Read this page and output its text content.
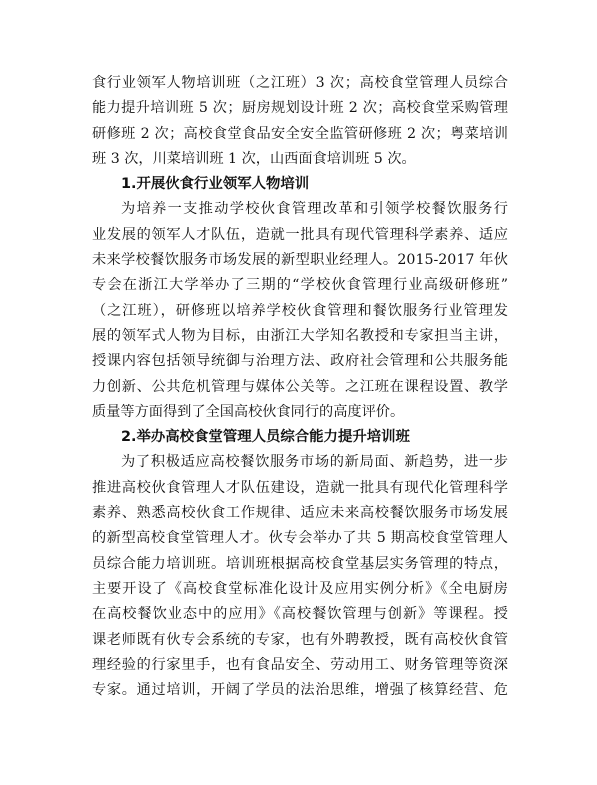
食行业领军人物培训班（之江班）3 次；高校食堂管理人员综合
能力提升培训班 5 次；厨房规划设计班 2 次；高校食堂采购管理
研修班 2 次；高校食堂食品安全安全监管研修班 2 次；粤菜培训
班 3 次，川菜培训班 1 次，山西面食培训班 5 次。
1.开展伙食行业领军人物培训
为培养一支推动学校伙食管理改革和引领学校餐饮服务行
业发展的领军人才队伍，造就一批具有现代管理科学素养、适应
未来学校餐饮服务市场发展的新型职业经理人。2015-2017 年伙
专会在浙江大学举办了三期的“学校伙食管理行业高级研修班”
（之江班），研修班以培养学校伙食管理和餐饮服务行业管理发
展的领军式人物为目标，由浙江大学知名教授和专家担当主讲，
授课内容包括领导统御与治理方法、政府社会管理和公共服务能
力创新、公共危机管理与媒体公关等。之江班在课程设置、教学
质量等方面得到了全国高校伙食同行的高度评价。
2.举办高校食堂管理人员综合能力提升培训班
为了积极适应高校餐饮服务市场的新局面、新趋势，进一步
推进高校伙食管理人才队伍建设，造就一批具有现代化管理科学
素养、熟悉高校伙食工作规律、适应未来高校餐饮服务市场发展
的新型高校食堂管理人才。伙专会举办了共 5 期高校食堂管理人
员综合能力培训班。培训班根据高校食堂基层实务管理的特点，
主要开设了《高校食堂标准化设计及应用实例分析》《全电厨房
在高校餐饮业态中的应用》《高校餐饮管理与创新》等课程。授
课老师既有伙专会系统的专家，也有外聘教授，既有高校伙食管
理经验的行家里手，也有食品安全、劳动用工、财务管理等资深
专家。通过培训，开阔了学员的法治思维，增强了核算经营、危
